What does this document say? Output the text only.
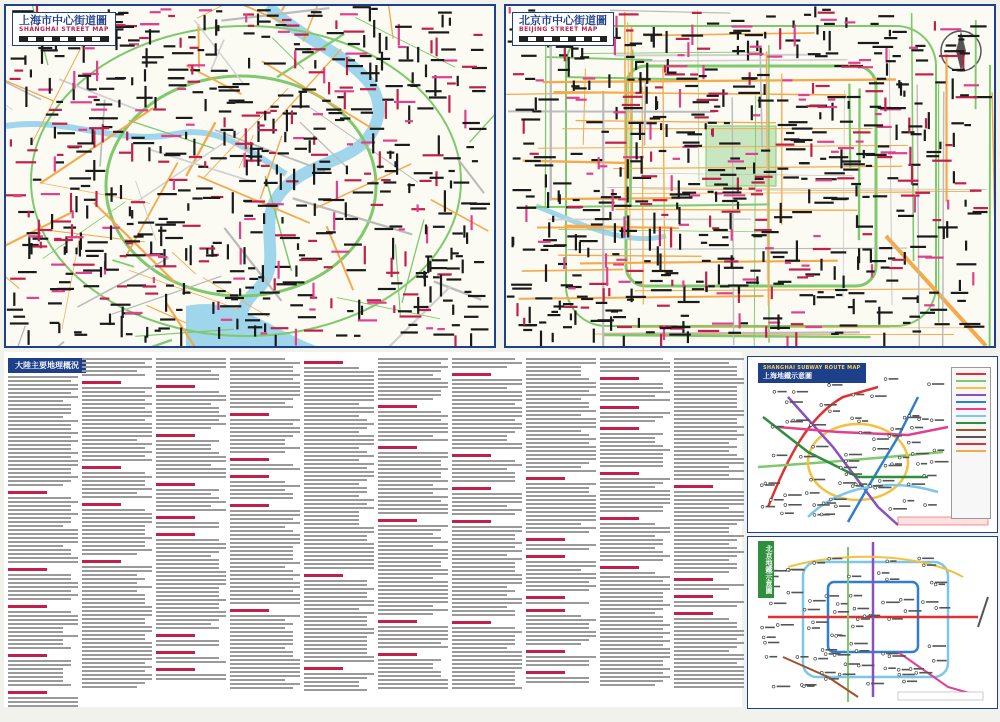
上海市中心街道圖
SHANGHAI STREET MAP
北京市中心街道圖
BEIJING STREET MAP
大陸主要地理概況	SHANGHAI SUBWAY ROUTE MAP
上海地鐵示意圖
北京地鐵示意圖
